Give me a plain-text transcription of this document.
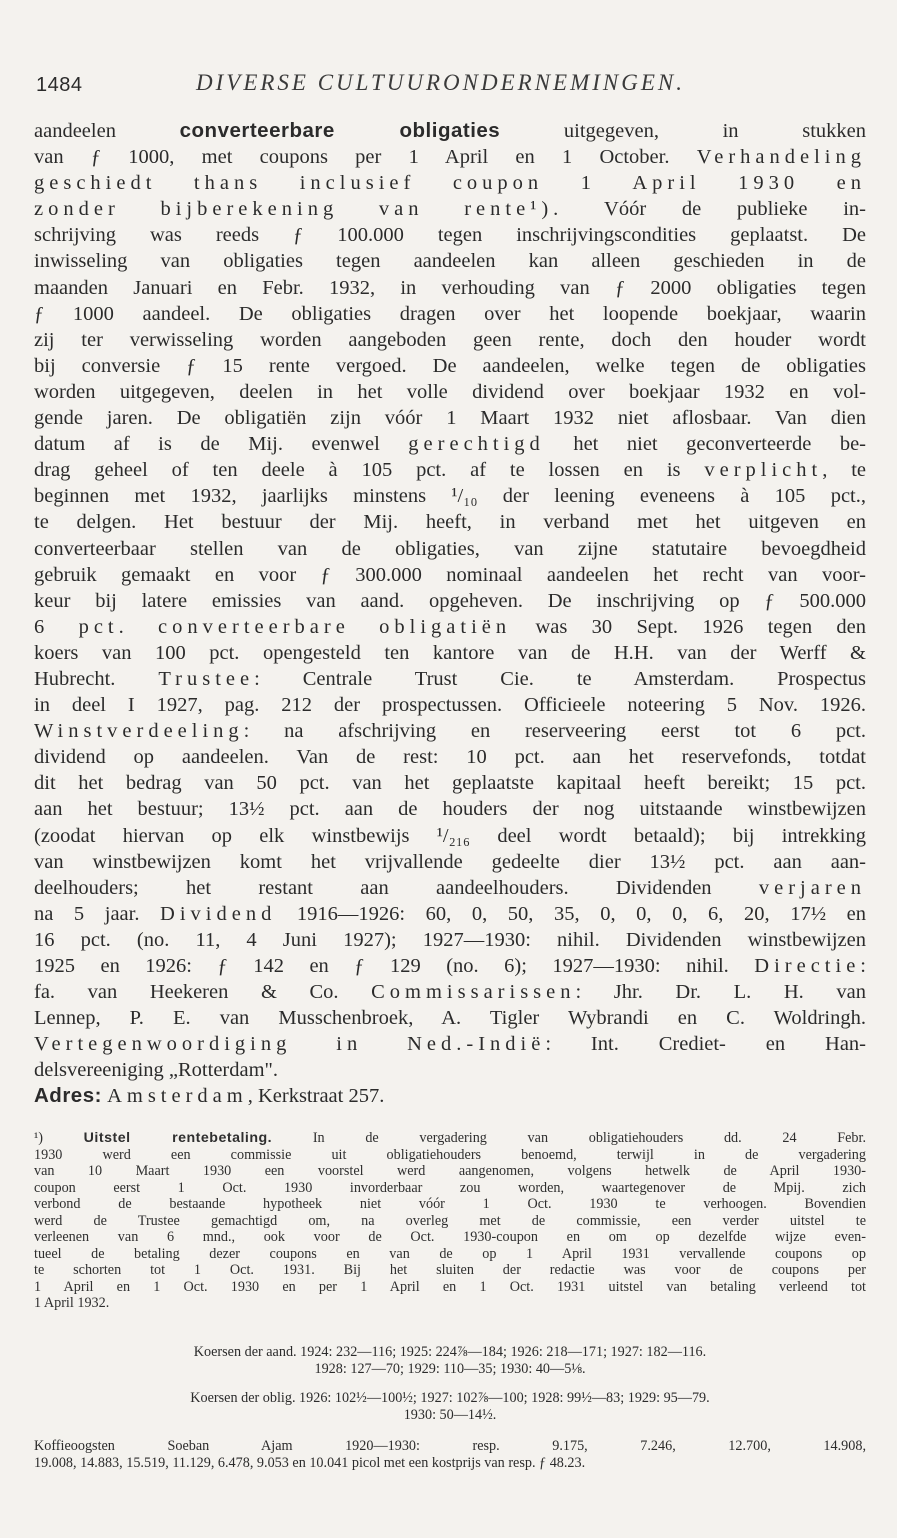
1484	DIVERSE CULTUURONDERNEMINGEN.
aandeelen converteerbare obligaties uitgegeven, in stukken
van ƒ 1000, met coupons per 1 April en 1 October. Verhandeling
geschiedt thans inclusief coupon 1 April 1930 en
zonder bijberekening van rente¹). Vóór de publieke in-
schrijving was reeds ƒ 100.000 tegen inschrijvingscondities geplaatst. De
inwisseling van obligaties tegen aandeelen kan alleen geschieden in de
maanden Januari en Febr. 1932, in verhouding van ƒ 2000 obligaties tegen
ƒ 1000 aandeel. De obligaties dragen over het loopende boekjaar, waarin
zij ter verwisseling worden aangeboden geen rente, doch den houder wordt
bij conversie ƒ 15 rente vergoed. De aandeelen, welke tegen de obligaties
worden uitgegeven, deelen in het volle dividend over boekjaar 1932 en vol-
gende jaren. De obligatiën zijn vóór 1 Maart 1932 niet aflosbaar. Van dien
datum af is de Mij. evenwel gerechtigd het niet geconverteerde be-
drag geheel of ten deele à 105 pct. af te lossen en is verplicht, te
beginnen met 1932, jaarlijks minstens ¹/₁₀ der leening eveneens à 105 pct.,
te delgen. Het bestuur der Mij. heeft, in verband met het uitgeven en
converteerbaar stellen van de obligaties, van zijne statutaire bevoegdheid
gebruik gemaakt en voor ƒ 300.000 nominaal aandeelen het recht van voor-
keur bij latere emissies van aand. opgeheven. De inschrijving op ƒ 500.000
6 pct. converteerbare obligatiën was 30 Sept. 1926 tegen den
koers van 100 pct. opengesteld ten kantore van de H.H. van der Werff &
Hubrecht. Trustee: Centrale Trust Cie. te Amsterdam. Prospectus
in deel I 1927, pag. 212 der prospectussen. Officieele noteering 5 Nov. 1926.
Winstverdeeling: na afschrijving en reserveering eerst tot 6 pct.
dividend op aandeelen. Van de rest: 10 pct. aan het reservefonds, totdat
dit het bedrag van 50 pct. van het geplaatste kapitaal heeft bereikt; 15 pct.
aan het bestuur; 13½ pct. aan de houders der nog uitstaande winstbewijzen
(zoodat hiervan op elk winstbewijs ¹/₂₁₆ deel wordt betaald); bij intrekking
van winstbewijzen komt het vrijvallende gedeelte dier 13½ pct. aan aan-
deelhouders; het restant aan aandeelhouders. Dividenden verjaren
na 5 jaar. Dividend 1916—1926: 60, 0, 50, 35, 0, 0, 0, 6, 20, 17½ en
16 pct. (no. 11, 4 Juni 1927); 1927—1930: nihil. Dividenden winstbewijzen
1925 en 1926: ƒ 142 en ƒ 129 (no. 6); 1927—1930: nihil. Directie:
fa. van Heekeren & Co. Commissarissen: Jhr. Dr. L. H. van
Lennep, P. E. van Musschenbroek, A. Tigler Wybrandi en C. Woldringh.
Vertegenwoordiging in Ned.-Indië: Int. Crediet- en Han-
delsvereeniging „Rotterdam".
Adres: Amsterdam, Kerkstraat 257.
¹)	Uitstel rentebetaling. In de vergadering van obligatiehouders dd. 24 Febr.
1930 werd een commissie uit obligatiehouders benoemd, terwijl in de vergadering
van 10 Maart 1930 een voorstel werd aangenomen, volgens hetwelk de April 1930-
coupon eerst 1 Oct. 1930 invorderbaar zou worden, waartegenover de Mpij. zich
verbond de bestaande hypotheek niet vóór 1 Oct. 1930 te verhoogen. Bovendien
werd de Trustee gemachtigd om, na overleg met de commissie, een verder uitstel te
verleenen van 6 mnd., ook voor de Oct. 1930-coupon en om op dezelfde wijze even-
tueel de betaling dezer coupons en van de op 1 April 1931 vervallende coupons op
te schorten tot 1 Oct. 1931. Bij het sluiten der redactie was voor de coupons per
1 April en 1 Oct. 1930 en per 1 April en 1 Oct. 1931 uitstel van betaling verleend tot
1 April 1932.
Koersen der aand. 1924: 232—116; 1925: 224⅞—184; 1926: 218—171; 1927: 182—116.
1928: 127—70; 1929: 110—35; 1930: 40—5⅛.
Koersen der oblig. 1926: 102½—100½; 1927: 102⅞—100; 1928: 99½—83; 1929: 95—79.
1930: 50—14½.
Koffieoogsten Soeban Ajam 1920—1930: resp. 9.175, 7.246, 12.700, 14.908,
19.008, 14.883, 15.519, 11.129, 6.478, 9.053 en 10.041 picol met een kostprijs van resp. ƒ 48.23.
